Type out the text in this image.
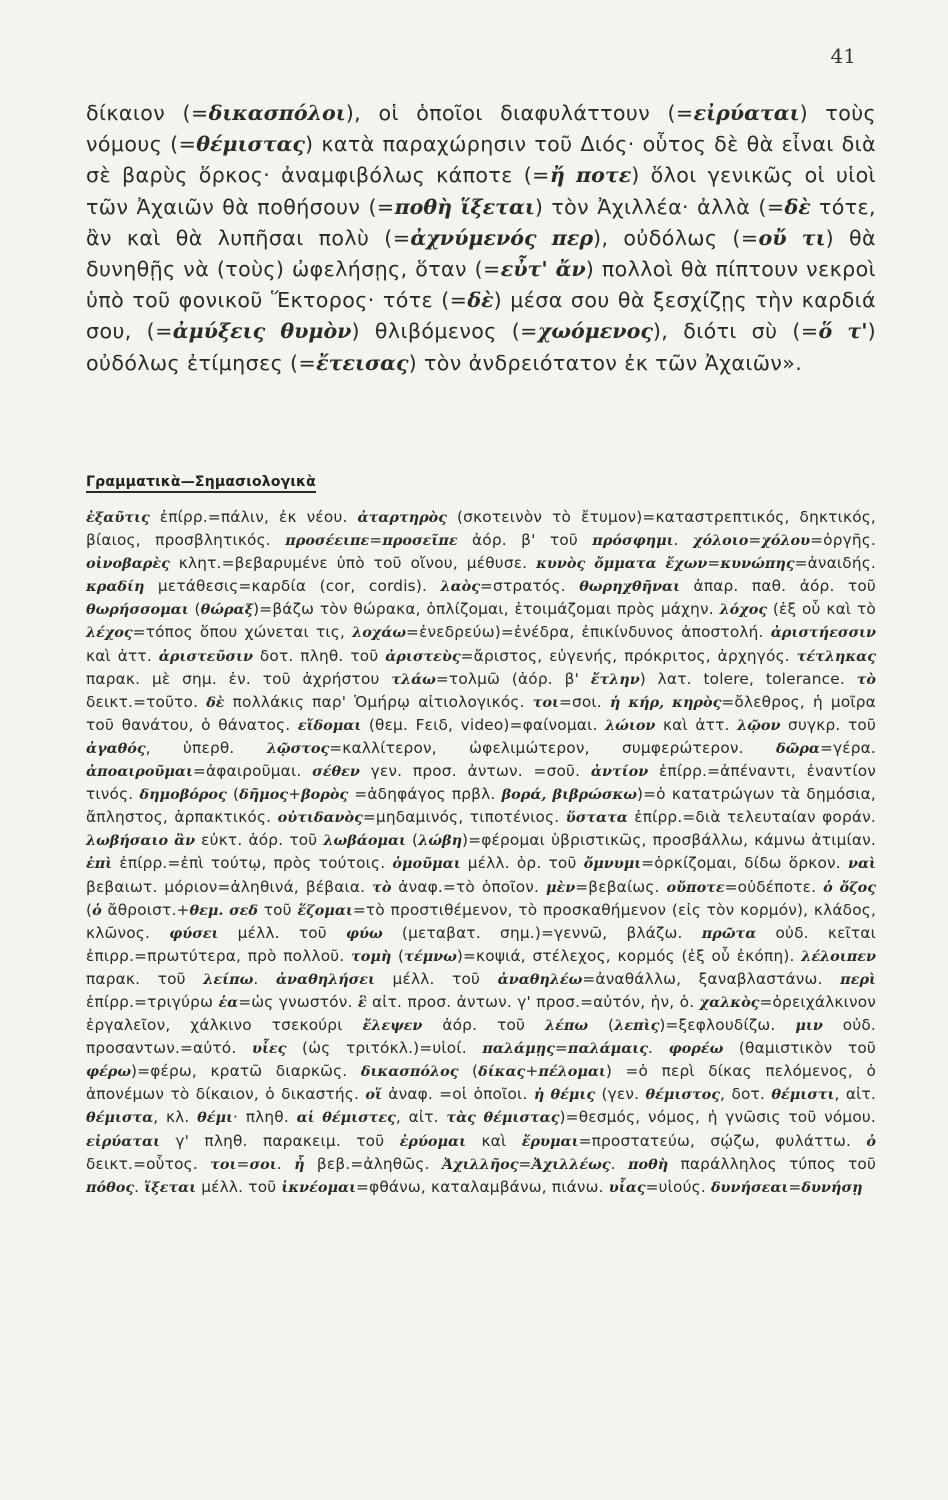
41

δίκαιον (=δικασπόλοι), οἱ ὁποῖοι διαφυλάττουν (=εἰρύαται) τοὺς νόμους (=θέμιστας) κατὰ παραχώρησιν τοῦ Διός· οὗτος δὲ θὰ εἶναι διὰ σὲ βαρὺς ὅρκος· ἀναμφιβόλως κάποτε (=ἤ ποτε) ὅλοι γενικῶς οἱ υἱοὶ τῶν Ἀχαιῶν θὰ ποθήσουν (=ποθὴ ἵξεται) τὸν Ἀχιλλέα· ἀλλὰ (=δὲ τότε, ἂν καὶ θὰ λυπῆσαι πολὺ (=ἀχνύμενός περ), οὐδόλως (=οὔ τι) θὰ δυνηθῇς νὰ (τοὺς) ὠφελήσῃς, ὅταν (=εὖτ' ἄν) πολλοὶ θὰ πίπτουν νεκροὶ ὑπὸ τοῦ φονικοῦ Ἕκτορος· τότε (=δὲ) μέσα σου θὰ ξεσχίζῃς τὴν καρδιά σου, (=ἀμύξεις θυμὸν) θλιβόμενος (=χωόμενος), διότι σὺ (=ὅ τ') οὐδόλως ἐτίμησες (=ἔτεισας) τὸν ἀνδρειότατον ἐκ τῶν Ἀχαιῶν».

Γραμματικὰ—Σημασιολογικὰ

ἐξαῦτις ἐπίρρ.=πάλιν, ἐκ νέου. ἀταρτηρὸς (σκοτεινὸν τὸ ἔτυμον)=καταστρεπτικός, δηκτικός, βίαιος, προσβλητικός. προσέειπε=προσεῖπε ἀόρ. β' τοῦ πρόσφημι. χόλοιο=χόλου=ὀργῆς. οἰνοβαρὲς κλητ.=βεβαρυμένε ὑπὸ τοῦ οἴνου, μέθυσε. κυνὸς ὄμματα ἔχων=κυνώπης=ἀναιδής. κραδίη μετάθεσις=καρδία (cor, cordis). λαὸς=στρατός. θωρηχθῆναι ἀπαρ. παθ. ἀόρ. τοῦ θωρήσσομαι (θώραξ)=βάζω τὸν θώρακα, ὁπλίζομαι, ἑτοιμάζομαι πρὸς μάχην. λόχος (ἐξ οὗ καὶ τὸ λέχος=τόπος ὅπου χώνεται τις, λοχάω=ἐνεδρεύω)=ἐνέδρα, ἐπικίνδυνος ἀποστολή. ἀριστήεσσιν καὶ ἀττ. ἀριστεῦσιν δοτ. πληθ. τοῦ ἀριστεὺς=ἄριστος, εὐγενής, πρόκριτος, ἀρχηγός. τέτληκας παρακ. μὲ σημ. ἐν. τοῦ ἀχρήστου τλάω=τολμῶ (ἀόρ. β' ἔτλην) λατ. tolere, tolerance. τὸ δεικτ.=τοῦτο. δὲ πολλάκις παρ' Ὁμήρῳ αἰτιολογικός. τοι=σοι. ἡ κήρ, κηρὸς=ὄλεθρος, ἡ μοῖρα τοῦ θανάτου, ὁ θάνατος. εἴδομαι (θεμ. Fειδ, video)=φαίνομαι. λώιον καὶ ἀττ. λῷον συγκρ. τοῦ ἀγαθός, ὑπερθ. λῷστος=καλλίτερον, ὠφελιμώτερον, συμφερώτερον. δῶρα=γέρα. ἀποαιροῦμαι=ἀφαιροῦμαι. σέθεν γεν. προσ. ἀντων. =σοῦ. ἀντίον ἐπίρρ.=ἀπέναντι, ἐναντίον τινός. δημοβόρος (δῆμος+βορὸς =ἀδηφάγος πρβλ. βορά, βιβρώσκω)=ὁ κατατρώγων τὰ δημόσια, ἄπληστος, ἁρπακτικός. οὐτιδανὸς=μηδαμινός, τιποτένιος. ὕστατα ἐπίρρ.=διὰ τελευταίαν φοράν. λωβήσαιο ἂν εὐκτ. ἀόρ. τοῦ λωβάομαι (λώβη)=φέρομαι ὑβριστικῶς, προσβάλλω, κάμνω ἀτιμίαν. ἐπὶ ἐπίρρ.=ἐπὶ τούτῳ, πρὸς τούτοις. ὀμοῦμαι μέλλ. ὁρ. τοῦ ὄμνυμι=ὁρκίζομαι, δίδω ὅρκον. ναὶ βεβαιωτ. μόριον=ἀληθινά, βέβαια. τὸ ἀναφ.=τὸ ὁποῖον. μὲν=βεβαίως. οὔποτε=οὐδέποτε. ὁ ὄζος (ὁ ἄθροιστ.+θεμ. σεδ τοῦ ἕζομαι=τὸ προστιθέμενον, τὸ προσκαθήμενον (εἰς τὸν κορμόν), κλάδος, κλῶνος. φύσει μέλλ. τοῦ φύω (μεταβατ. σημ.)=γεννῶ, βλάζω. πρῶτα οὐδ. κεῖται ἐπιρρ.=πρωτύτερα, πρὸ πολλοῦ. τομὴ (τέμνω)=κοψιά, στέλεχος, κορμός (ἐξ οὗ ἐκόπη). λέλοιπεν παρακ. τοῦ λείπω. ἀναθηλήσει μέλλ. τοῦ ἀναθηλέω=ἀναθάλλω, ξαναβλαστάνω. περὶ ἐπίρρ.=τριγύρω ἑα=ὡς γνωστόν. ἓ αἰτ. προσ. ἀντων. γ' προσ.=αὐτόν, ἡν, ὁ. χαλκὸς=ὀρειχάλκινον ἐργαλεῖον, χάλκινο τσεκούρι ἔλεψεν ἀόρ. τοῦ λέπω (λεπὶς)=ξεφλουδίζω. μιν οὐδ. προσαντων.=αὐτό. υἷες (ὡς τριτόκλ.)=υἱοί. παλάμῃς=παλάμαις. φορέω (θαμιστικὸν τοῦ φέρω)=φέρω, κρατῶ διαρκῶς. δικασπόλος (δίκας+πέλομαι) =ὁ περὶ δίκας πελόμενος, ὁ ἀπονέμων τὸ δίκαιον, ὁ δικαστής. οἵ ἀναφ. =οἱ ὁποῖοι. ἡ θέμις (γεν. θέμιστος, δοτ. θέμιστι, αἰτ. θέμιστα, κλ. θέμι· πληθ. αἱ θέμιστες, αἰτ. τὰς θέμιστας)=θεσμός, νόμος, ἡ γνῶσις τοῦ νόμου. εἰρύαται γ' πληθ. παρακειμ. τοῦ ἐρύομαι καὶ ἔρυμαι=προστατεύω, σῴζω, φυλάττω. ὁ δεικτ.=οὗτος. τοι=σοι. ἦ βεβ.=ἀληθῶς. Ἀχιλλῆος=Ἀχιλλέως. ποθὴ παράλληλος τύπος τοῦ πόθος. ἵξεται μέλλ. τοῦ ἱκνέομαι=φθάνω, καταλαμβάνω, πιάνω. υἷας=υἱούς. δυνήσεαι=δυνήσῃ
